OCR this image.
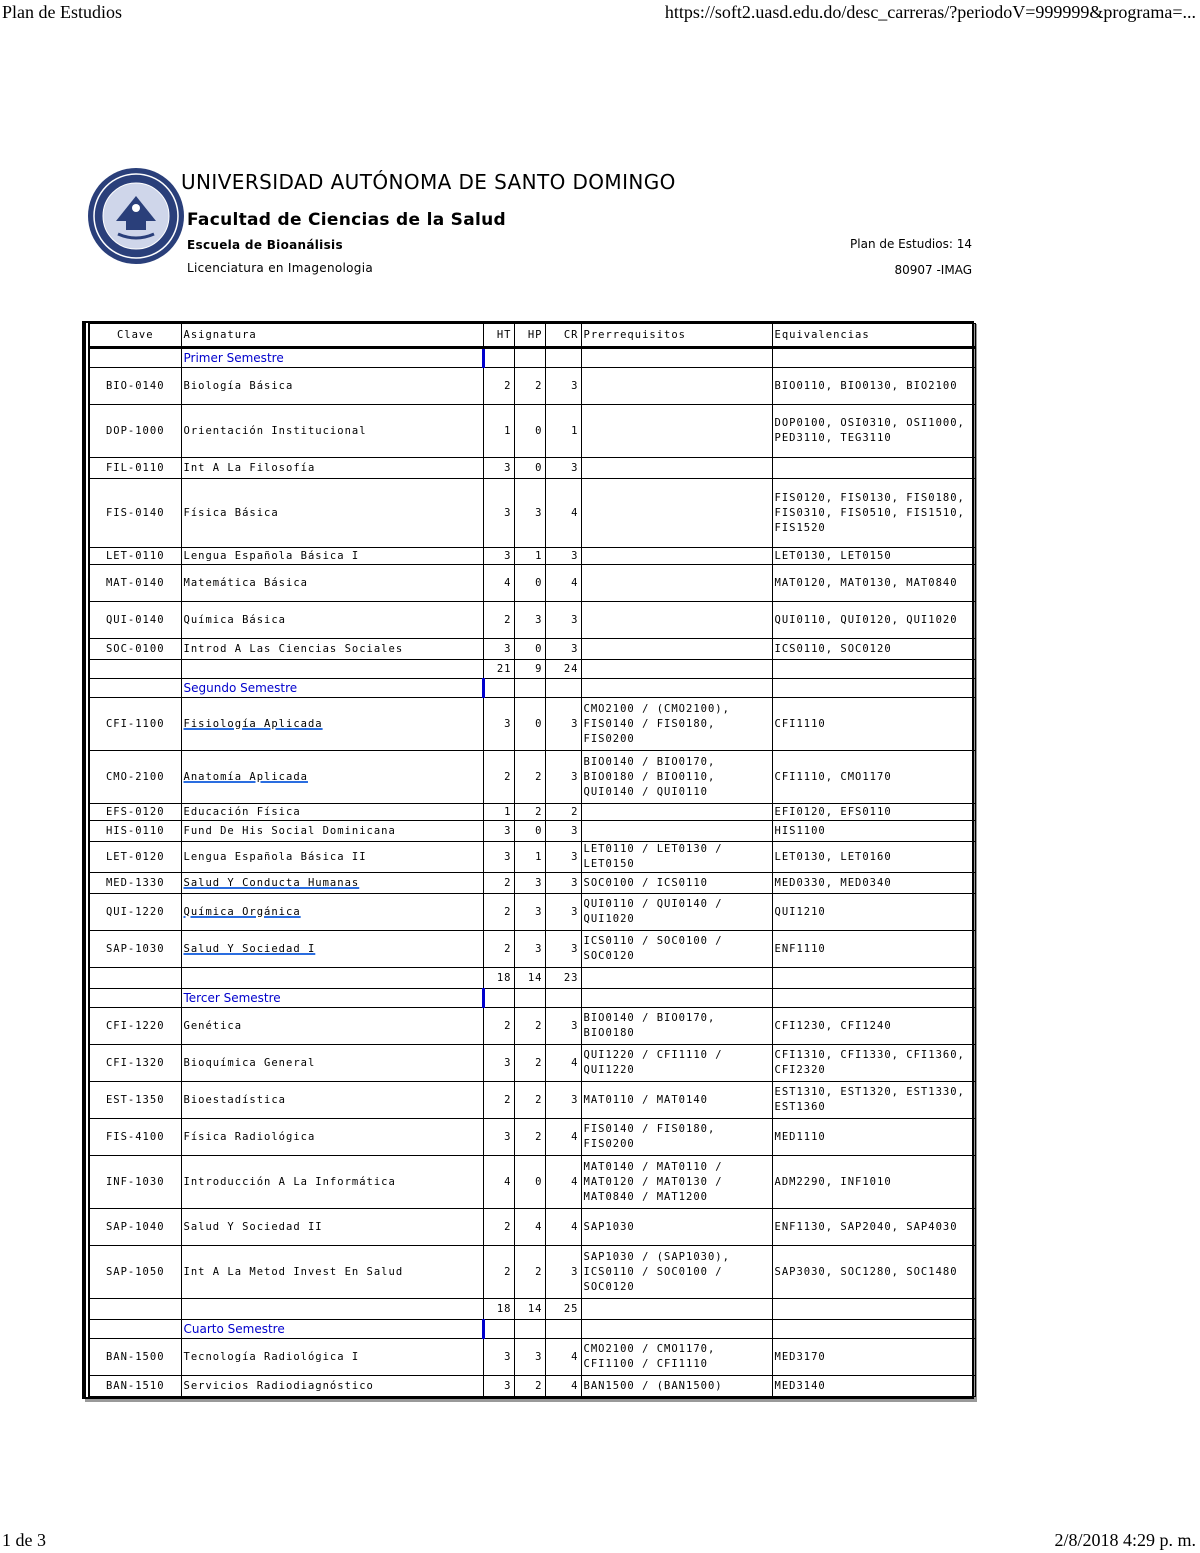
Plan de Estudios	https://soft2.uasd.edu.do/desc_carreras/?periodoV=999999&programa=...
UNIVERSIDAD AUTÓNOMA DE SANTO DOMINGO
Facultad de Ciencias de la Salud
Escuela de Bioanálisis
Licenciatura en Imagenologia
Plan de Estudios: 14
80907 -IMAG
Clave	Asignatura	HT	HP	CR	Prerrequisitos	Equivalencias
	Primer Semestre					
BIO-0140	Biología Básica	2	2	3		BIO0110, BIO0130, BIO2100
DOP-1000	Orientación Institucional	1	0	1		DOP0100, OSI0310, OSI1000, PED3110, TEG3110
FIL-0110	Int A La Filosofía	3	0	3		
FIS-0140	Física Básica	3	3	4		FIS0120, FIS0130, FIS0180, FIS0310, FIS0510, FIS1510, FIS1520
LET-0110	Lengua Española Básica I	3	1	3		LET0130, LET0150
MAT-0140	Matemática Básica	4	0	4		MAT0120, MAT0130, MAT0840
QUI-0140	Química Básica	2	3	3		QUI0110, QUI0120, QUI1020
SOC-0100	Introd A Las Ciencias Sociales	3	0	3		ICS0110, SOC0120
		21	9	24		
	Segundo Semestre					
CFI-1100	Fisiología Aplicada	3	0	3	CMO2100 / (CMO2100), FIS0140 / FIS0180, FIS0200	CFI1110
CMO-2100	Anatomía Aplicada	2	2	3	BIO0140 / BIO0170, BIO0180 / BIO0110, QUI0140 / QUI0110	CFI1110, CMO1170
EFS-0120	Educación Física	1	2	2		EFI0120, EFS0110
HIS-0110	Fund De His Social Dominicana	3	0	3		HIS1100
LET-0120	Lengua Española Básica II	3	1	3	LET0110 / LET0130 / LET0150	LET0130, LET0160
MED-1330	Salud Y Conducta Humanas	2	3	3	SOC0100 / ICS0110	MED0330, MED0340
QUI-1220	Química Orgánica	2	3	3	QUI0110 / QUI0140 / QUI1020	QUI1210
SAP-1030	Salud Y Sociedad I	2	3	3	ICS0110 / SOC0100 / SOC0120	ENF1110
		18	14	23		
	Tercer Semestre					
CFI-1220	Genética	2	2	3	BIO0140 / BIO0170, BIO0180	CFI1230, CFI1240
CFI-1320	Bioquímica General	3	2	4	QUI1220 / CFI1110 / QUI1220	CFI1310, CFI1330, CFI1360, CFI2320
EST-1350	Bioestadística	2	2	3	MAT0110 / MAT0140	EST1310, EST1320, EST1330, EST1360
FIS-4100	Física Radiológica	3	2	4	FIS0140 / FIS0180, FIS0200	MED1110
INF-1030	Introducción A La Informática	4	0	4	MAT0140 / MAT0110 / MAT0120 / MAT0130 / MAT0840 / MAT1200	ADM2290, INF1010
SAP-1040	Salud Y Sociedad II	2	4	4	SAP1030	ENF1130, SAP2040, SAP4030
SAP-1050	Int A La Metod Invest En Salud	2	2	3	SAP1030 / (SAP1030), ICS0110 / SOC0100 / SOC0120	SAP3030, SOC1280, SOC1480
		18	14	25		
	Cuarto Semestre					
BAN-1500	Tecnología Radiológica I	3	3	4	CMO2100 / CMO1170, CFI1100 / CFI1110	MED3170
BAN-1510	Servicios Radiodiagnóstico	3	2	4	BAN1500 / (BAN1500)	MED3140
1 de 3	2/8/2018 4:29 p. m.
